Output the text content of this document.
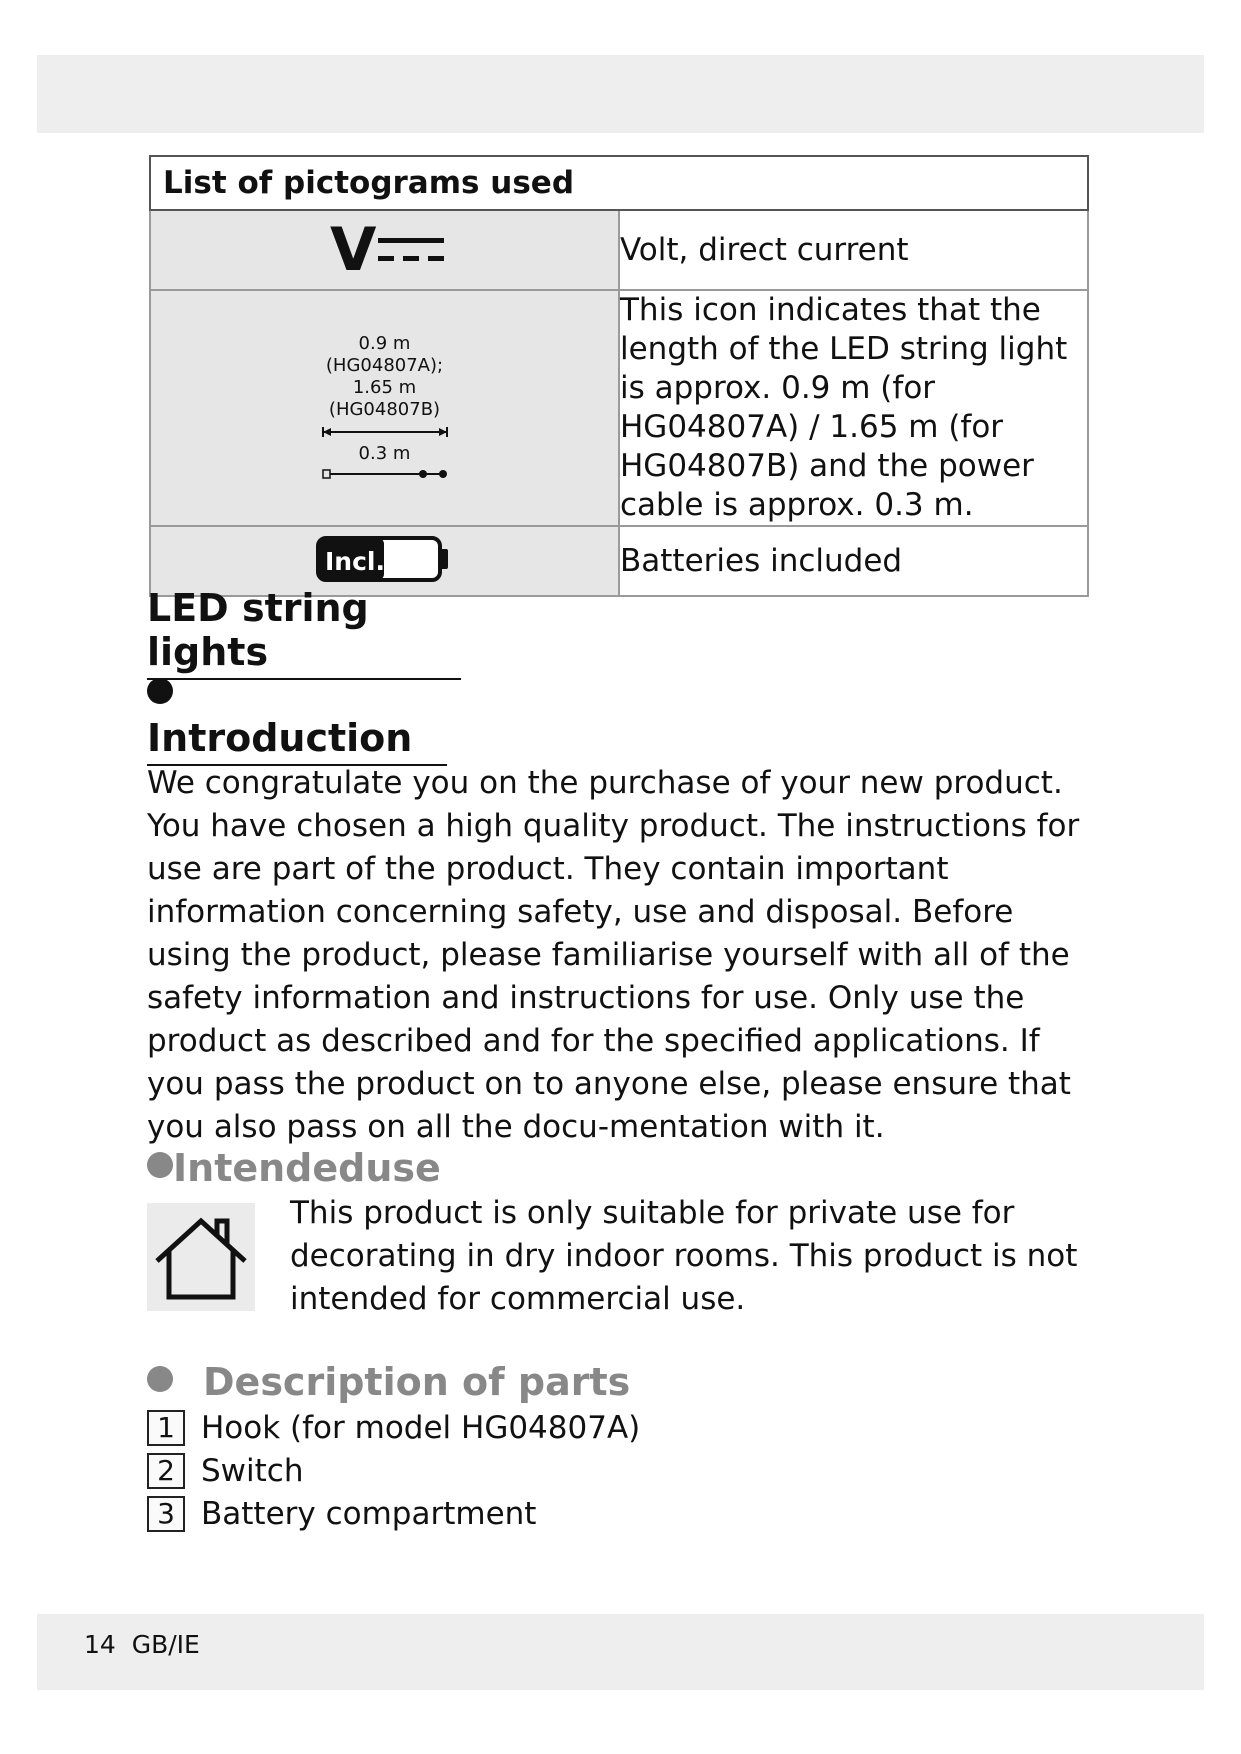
List of pictograms used	

V	Volt, direct current

0.9 m
(HG04807A);
1.65 m
(HG04807B)
0.3 m	This icon indicates that the length of the LED string light is approx. 0.9 m (for HG04807A) / 1.65 m (for HG04807B) and the power cable is approx. 0.3 m.

Incl.	Batteries included
LED string lights
Introduction
We congratulate you on the purchase of your new product. You have chosen a high quality product. The instructions for use are part of the product. They contain important information concerning safety, use and disposal. Before using the product, please familiarise yourself with all of the safety information and instructions for use. Only use the product as described and for the specified applications. If you pass the product on to anyone else, please ensure that you also pass on all the docu-mentation with it.
Intendeduse
This product is only suitable for private use for decorating in dry indoor rooms. This product is not intended for commercial use.
Description of parts
1 Hook (for model HG04807A)
2 Switch
3 Battery compartment
14  GB/IE
